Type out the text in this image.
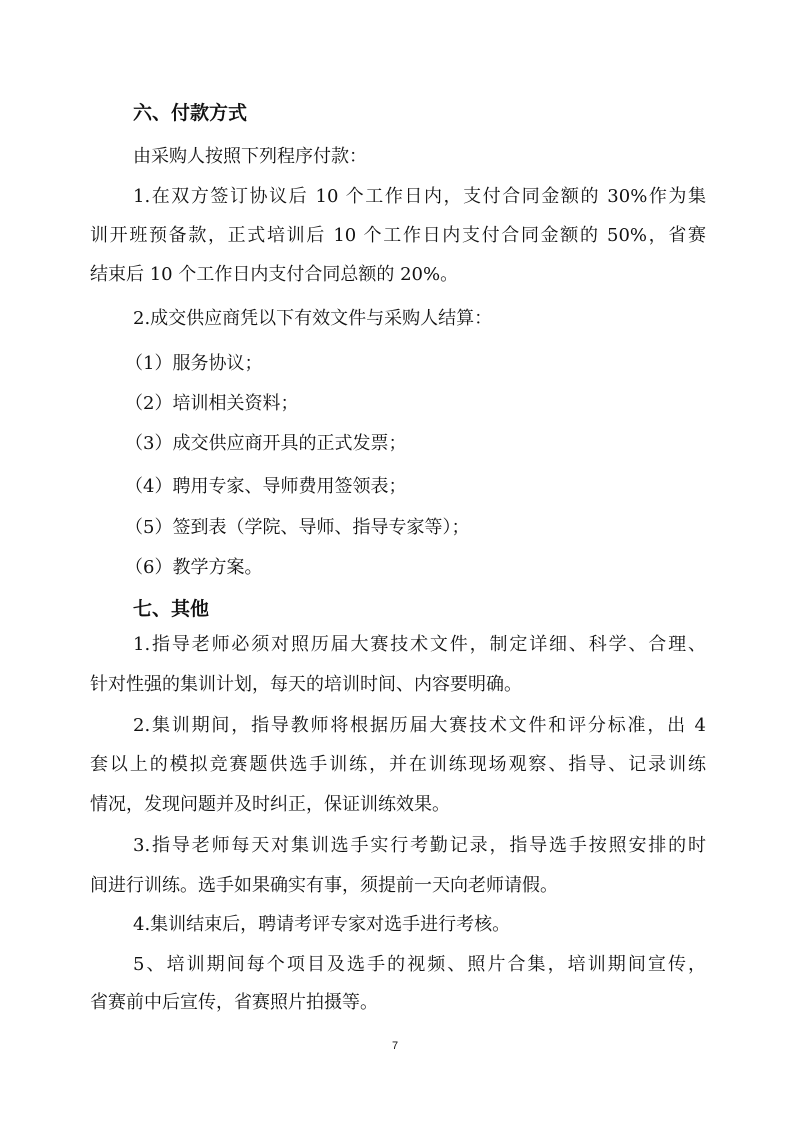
六、付款方式
由采购人按照下列程序付款：
1.在双方签订协议后 10 个工作日内，支付合同金额的 30%作为集
训开班预备款，正式培训后 10 个工作日内支付合同金额的 50%，省赛
结束后 10 个工作日内支付合同总额的 20%。
2.成交供应商凭以下有效文件与采购人结算：
（1）服务协议；
（2）培训相关资料；
（3）成交供应商开具的正式发票；
（4）聘用专家、导师费用签领表；
（5）签到表（学院、导师、指导专家等）；
（6）教学方案。
七、其他
1.指导老师必须对照历届大赛技术文件，制定详细、科学、合理、
针对性强的集训计划，每天的培训时间、内容要明确。
2.集训期间，指导教师将根据历届大赛技术文件和评分标准，出 4
套以上的模拟竞赛题供选手训练，并在训练现场观察、指导、记录训练
情况，发现问题并及时纠正，保证训练效果。
3.指导老师每天对集训选手实行考勤记录，指导选手按照安排的时
间进行训练。选手如果确实有事，须提前一天向老师请假。
4.集训结束后，聘请考评专家对选手进行考核。
5、培训期间每个项目及选手的视频、照片合集，培训期间宣传，
省赛前中后宣传，省赛照片拍摄等。
7
